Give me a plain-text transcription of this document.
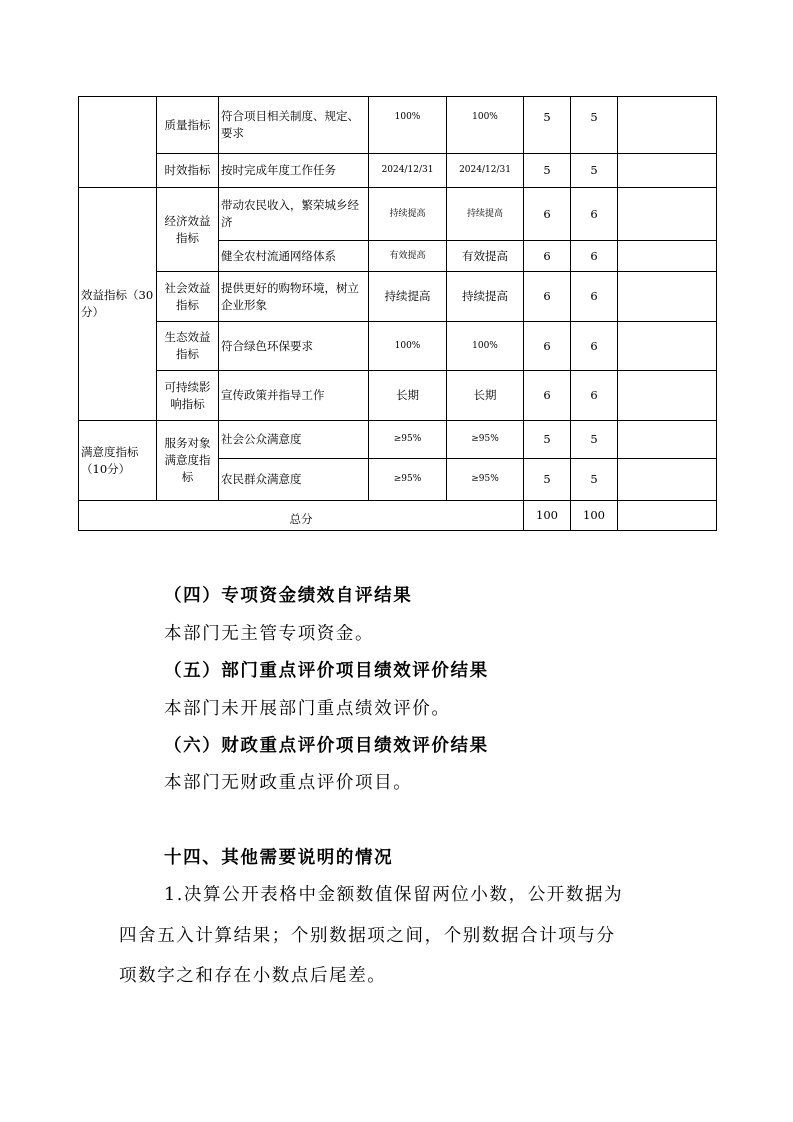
	质量指标	符合项目相关制度、规定、要求	100%	100%	5	5	
	时效指标	按时完成年度工作任务	2024/12/31	2024/12/31	5	5	
效益指标（30分）	经济效益指标	带动农民收入，繁荣城乡经济	持续提高	持续提高	6	6	
		健全农村流通网络体系	有效提高	有效提高	6	6	
	社会效益指标	提供更好的购物环境，树立企业形象	持续提高	持续提高	6	6	
	生态效益指标	符合绿色环保要求	100%	100%	6	6	
	可持续影响指标	宣传政策并指导工作	长期	长期	6	6	
满意度指标（10分）	服务对象满意度指标	社会公众满意度	≥95%	≥95%	5	5	
		农民群众满意度	≥95%	≥95%	5	5	
总分					100	100	
（四）专项资金绩效自评结果
本部门无主管专项资金。
（五）部门重点评价项目绩效评价结果
本部门未开展部门重点绩效评价。
（六）财政重点评价项目绩效评价结果
本部门无财政重点评价项目。
十四、其他需要说明的情况
1.决算公开表格中金额数值保留两位小数，公开数据为
四舍五入计算结果；个别数据项之间，个别数据合计项与分
项数字之和存在小数点后尾差。
